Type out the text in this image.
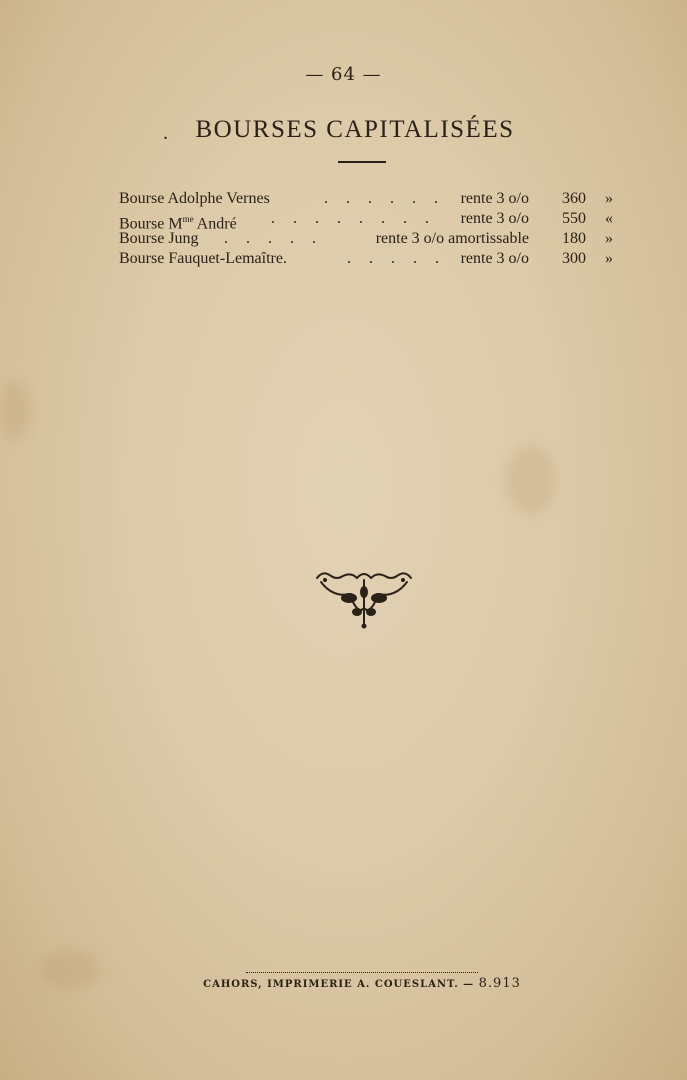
— 64 —
.	BOURSES CAPITALISÉES
Bourse Adolphe Vernes	. . . . . . rente 3 o/o 360 »
Bourse $M^{me}$ André . . . . . . . . rente 3 o/o 550 «
Bourse Jung . . . . .	rente 3 o/o amortissable 180 »
Bourse Fauquet-Lemaître.	. . . . . rente 3 o/o 300 »
CAHORS, IMPRIMERIE A. COUESLANT. — 8.913
